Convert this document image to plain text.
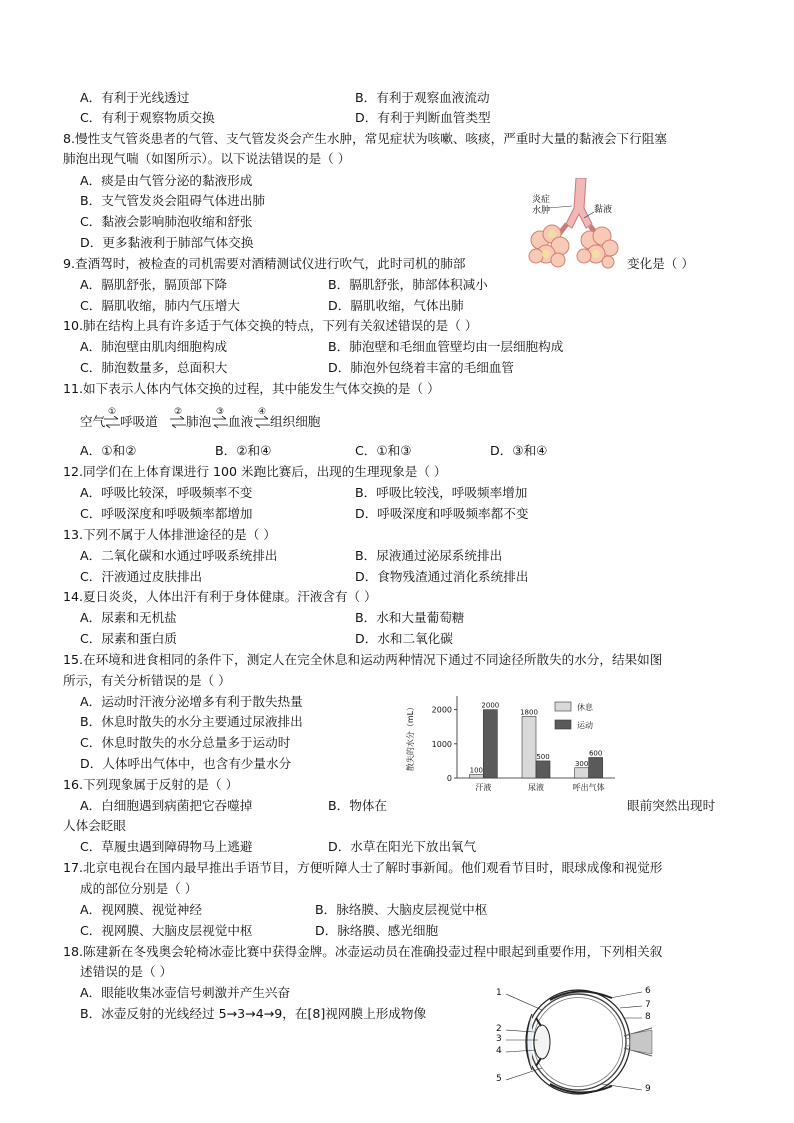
A．有利于光线透过	B．有利于观察血液流动
C．有利于观察物质交换	D．有利于判断血管类型
8.慢性支气管炎患者的气管、支气管发炎会产生水肿，常见症状为咳嗽、咳痰，严重时大量的黏液会下行阻塞
肺泡出现气喘（如图所示）。以下说法错误的是（ ）
A．痰是由气管分泌的黏液形成
B．支气管发炎会阻碍气体进出肺
C．黏液会影响肺泡收缩和舒张
D．更多黏液利于肺部气体交换
炎症
水肿	黏液
9.查酒驾时，被检查的司机需要对酒精测试仪进行吹气，此时司机的肺部	变化是（ ）
A．膈肌舒张，膈顶部下降	B．膈肌舒张，肺部体积减小
C．膈肌收缩，肺内气压增大	D．膈肌收缩，气体出肺
10.肺在结构上具有许多适于气体交换的特点，下列有关叙述错误的是（ ）
A．肺泡壁由肌肉细胞构成	B．肺泡壁和毛细血管壁均由一层细胞构成
C．肺泡数量多，总面积大	D．肺泡外包绕着丰富的毛细血管
11.如下表示人体内气体交换的过程，其中能发生气体交换的是（ ）
空气
①
呼吸道
②
肺泡
③
血液
④
组织细胞
A．①和②	B．②和④	C．①和③	D．③和④
12.同学们在上体育课进行 100 米跑比赛后，出现的生理现象是（ ）
A．呼吸比较深，呼吸频率不变	B．呼吸比较浅，呼吸频率增加
C．呼吸深度和呼吸频率都增加	D．呼吸深度和呼吸频率都不变
13.下列不属于人体排泄途径的是（ ）
A．二氧化碳和水通过呼吸系统排出	B．尿液通过泌尿系统排出
C．汗液通过皮肤排出	D．食物残渣通过消化系统排出
14.夏日炎炎，人体出汗有利于身体健康。汗液含有（ ）
A．尿素和无机盐	B．水和大量葡萄糖
C．尿素和蛋白质	D．水和二氧化碳
15.在环境和进食相同的条件下，测定人在完全休息和运动两种情况下通过不同途径所散失的水分，结果如图
所示，有关分析错误的是（ ）
A．运动时汗液分泌增多有利于散失热量
B．休息时散失的水分主要通过尿液排出
C．休息时散失的水分总量多于运动时
D．人体呼出气体中，也含有少量水分	散失的水分（mL）
0
1000
2000
100
2000
汗液
1800
500
尿液
300
600
呼出气体
休息
运动
16.下列现象属于反射的是（ ）
A．白细胞遇到病菌把它吞噬掉	B．物体在	眼前突然出现时
人体会眨眼
C．草履虫遇到障碍物马上逃避	D．水草在阳光下放出氧气
17.北京电视台在国内最早推出手语节目，方便听障人士了解时事新闻。他们观看节目时，眼球成像和视觉形
成的部位分别是（ ）
A．视网膜、视觉神经	B．脉络膜、大脑皮层视觉中枢
C．视网膜、大脑皮层视觉中枢	D．脉络膜、感光细胞
18.陈建新在冬残奥会轮椅冰壶比赛中获得金牌。冰壶运动员在准确投壶过程中眼起到重要作用，下列相关叙
述错误的是（ ）
A．眼能收集冰壶信号刺激并产生兴奋
B．冰壶反射的光线经过 5→3→4→9，在[8]视网膜上形成物像
1
2
3
4
5
6
7
8
9
